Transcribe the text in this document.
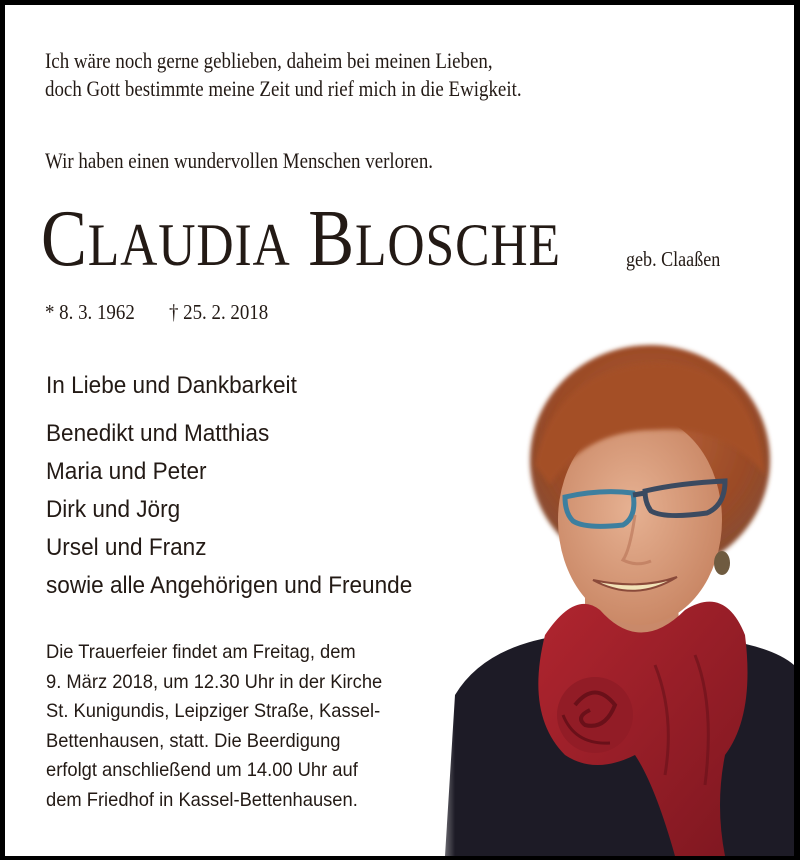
Ich wäre noch gerne geblieben, daheim bei meinen Lieben,
doch Gott bestimmte meine Zeit und rief mich in die Ewigkeit.
Wir haben einen wundervollen Menschen verloren.
CLAUDIA BLOSCHE	geb. Claaßen
* 8. 3. 1962 † 25. 2. 2018
In Liebe und Dankbarkeit
Benedikt und Matthias
Maria und Peter
Dirk und Jörg
Ursel und Franz
sowie alle Angehörigen und Freunde
Die Trauerfeier findet am Freitag, dem
9. März 2018, um 12.30 Uhr in der Kirche
St. Kunigundis, Leipziger Straße, Kassel-
Bettenhausen, statt. Die Beerdigung
erfolgt anschließend um 14.00 Uhr auf
dem Friedhof in Kassel-Bettenhausen.
